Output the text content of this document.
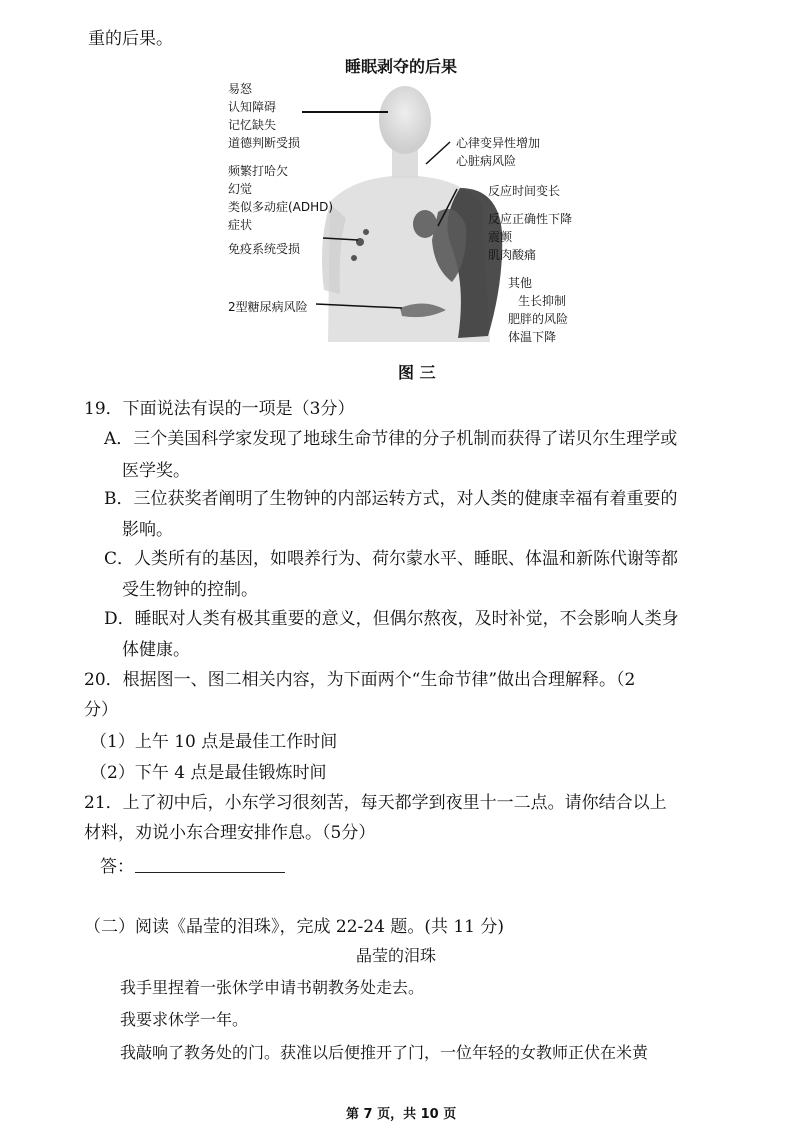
重的后果。
睡眠剥夺的后果
易怒
认知障碍
记忆缺失
道德判断受损
频繁打哈欠
幻觉
类似多动症(ADHD)
症状
免疫系统受损
2型糖尿病风险
心律变异性增加
心脏病风险
反应时间变长
反应正确性下降
震颤
肌肉酸痛
其他
生长抑制
肥胖的风险
体温下降
图 三
19．下面说法有误的一项是（3分）
A．三个美国科学家发现了地球生命节律的分子机制而获得了诺贝尔生理学或
医学奖。
B．三位获奖者阐明了生物钟的内部运转方式，对人类的健康幸福有着重要的
影响。
C．人类所有的基因，如喂养行为、荷尔蒙水平、睡眠、体温和新陈代谢等都
受生物钟的控制。
D．睡眠对人类有极其重要的意义，但偶尔熬夜，及时补觉，不会影响人类身
体健康。
20．根据图一、图二相关内容，为下面两个“生命节律”做出合理解释。（2
分）
（1）上午 10 点是最佳工作时间
（2）下午 4 点是最佳锻炼时间
21．上了初中后，小东学习很刻苦，每天都学到夜里十一二点。请你结合以上
材料，劝说小东合理安排作息。（5分）
答：
（二）阅读《晶莹的泪珠》，完成 22-24 题。(共 11 分)
晶莹的泪珠
我手里捏着一张休学申请书朝教务处走去。
我要求休学一年。
我敲响了教务处的门。获准以后便推开了门，一位年轻的女教师正伏在米黄
第 7 页，共 10 页
